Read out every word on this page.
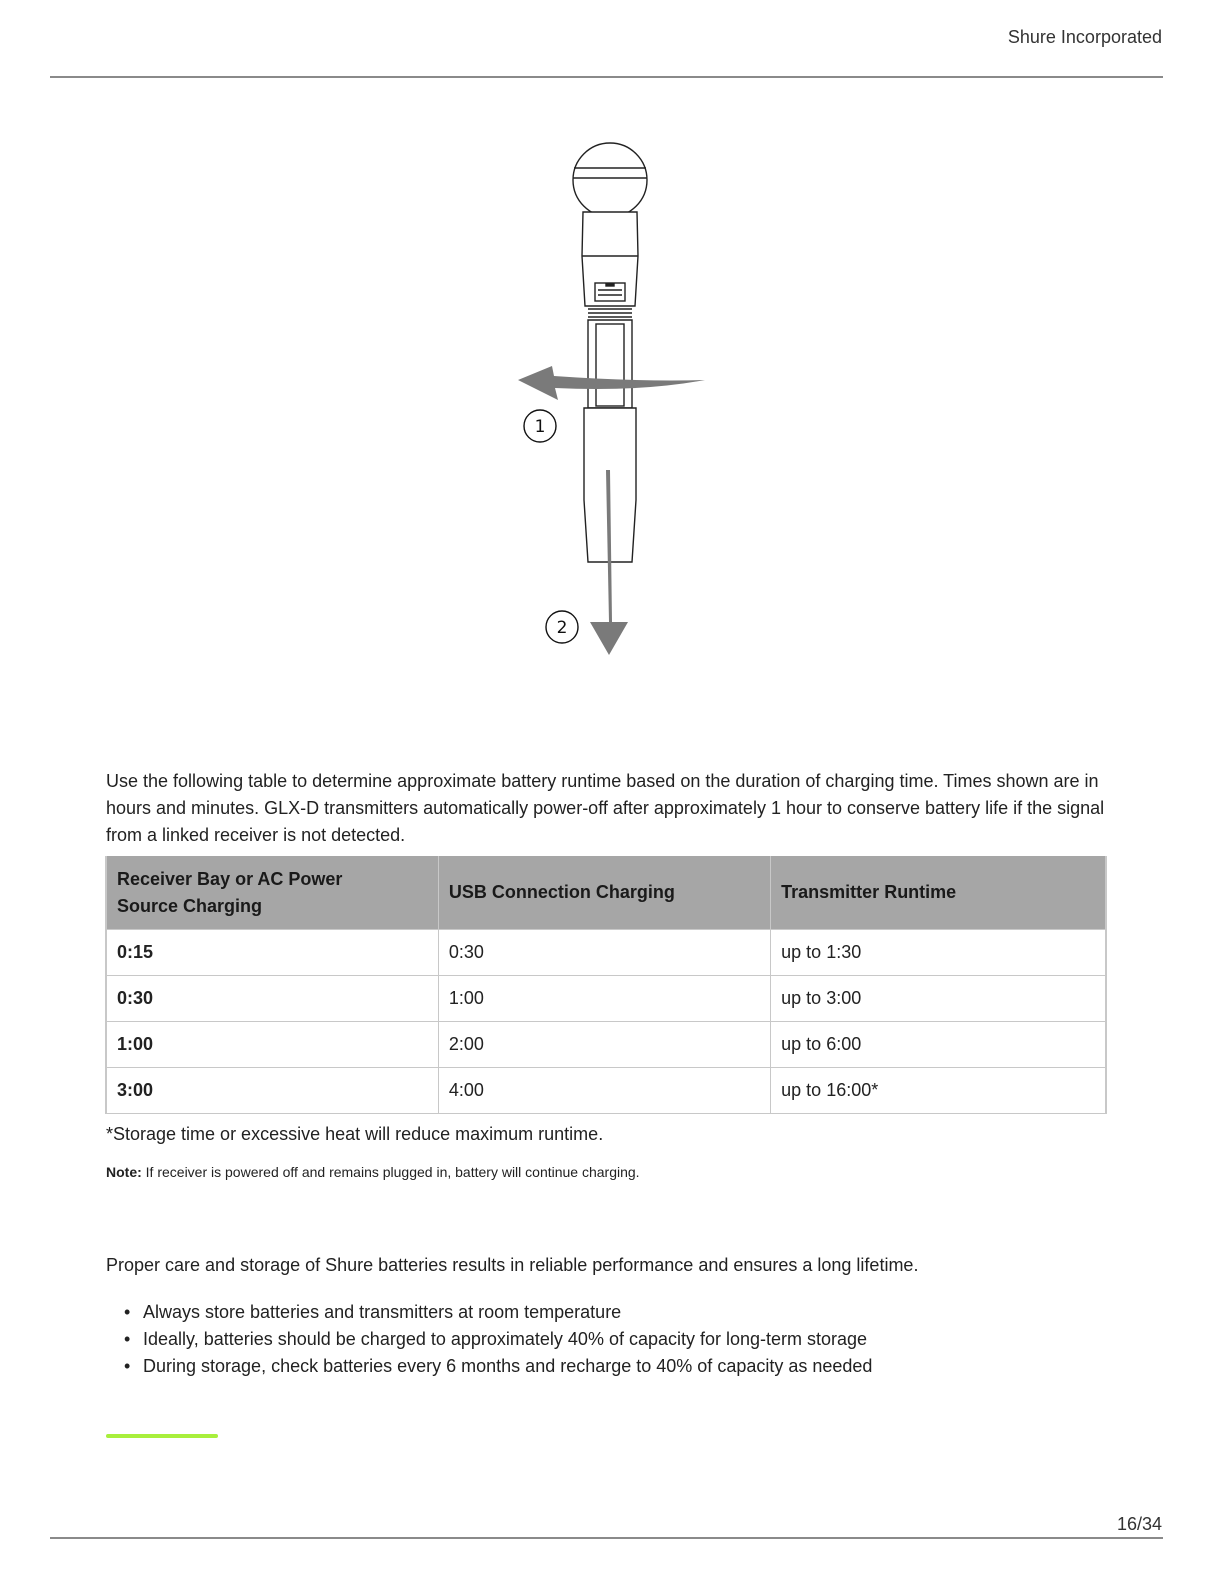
Shure Incorporated
1
2

Use the following table to determine approximate battery runtime based on the duration of charging time. Times shown are in hours and minutes. GLX-D transmitters automatically power-off after approximately 1 hour to conserve battery life if the signal from a linked receiver is not detected.

Receiver Bay or AC Power Source Charging	USB Connection Charging	Transmitter Runtime
0:15	0:30	up to 1:30
0:30	1:00	up to 3:00
1:00	2:00	up to 6:00
3:00	4:00	up to 16:00*

*Storage time or excessive heat will reduce maximum runtime.

Note: If receiver is powered off and remains plugged in, battery will continue charging.

Proper care and storage of Shure batteries results in reliable performance and ensures a long lifetime.

• Always store batteries and transmitters at room temperature
• Ideally, batteries should be charged to approximately 40% of capacity for long-term storage
• During storage, check batteries every 6 months and recharge to 40% of capacity as needed
16/34
